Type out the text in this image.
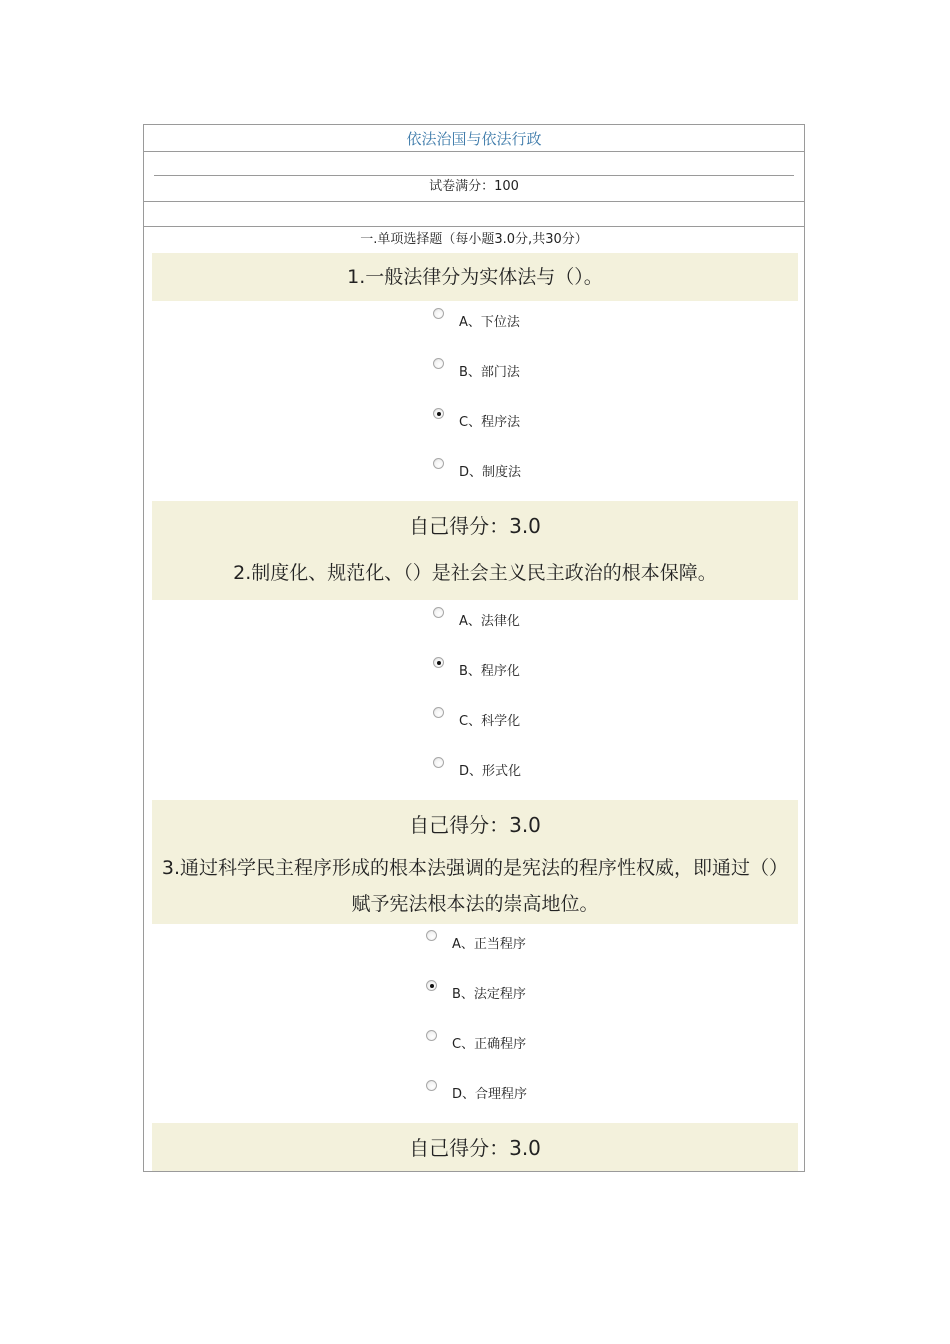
依法治国与依法行政
试卷满分：100
一.单项选择题（每小题3.0分,共30分）
1.一般法律分为实体法与（）。
A、下位法
B、部门法
C、程序法
D、制度法
自己得分：3.0
2.制度化、规范化、（）是社会主义民主政治的根本保障。
A、法律化
B、程序化
C、科学化
D、形式化
自己得分：3.0
3.通过科学民主程序形成的根本法强调的是宪法的程序性权威，即通过（）赋予宪法根本法的崇高地位。
A、正当程序
B、法定程序
C、正确程序
D、合理程序
自己得分：3.0
